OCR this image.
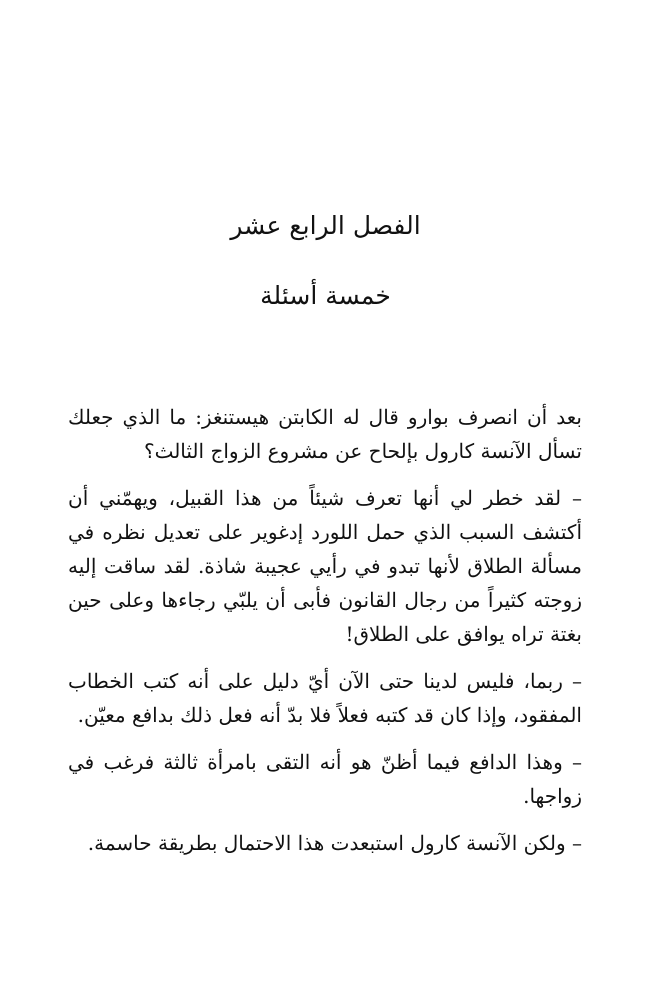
الفصل الرابع عشر
خمسة أسئلة

بعد أن انصرف بوارو قال له الكابتن هيستنغز: ما الذي جعلك تسأل الآنسة كارول بإلحاح عن مشروع الزواج الثالث؟

– لقد خطر لي أنها تعرف شيئاً من هذا القبيل، ويهمّني أن أكتشف السبب الذي حمل اللورد إدغوير على تعديل نظره في مسألة الطلاق لأنها تبدو في رأيي عجيبة شاذة. لقد ساقت إليه زوجته كثيراً من رجال القانون فأبى أن يلبّي رجاءها وعلى حين بغتة تراه يوافق على الطلاق!

– ربما، فليس لدينا حتى الآن أيّ دليل على أنه كتب الخطاب المفقود، وإذا كان قد كتبه فعلاً فلا بدّ أنه فعل ذلك بدافع معيّن.

– وهذا الدافع فيما أظنّ هو أنه التقى بامرأة ثالثة فرغب في زواجها.

– ولكن الآنسة كارول استبعدت هذا الاحتمال بطريقة حاسمة.
